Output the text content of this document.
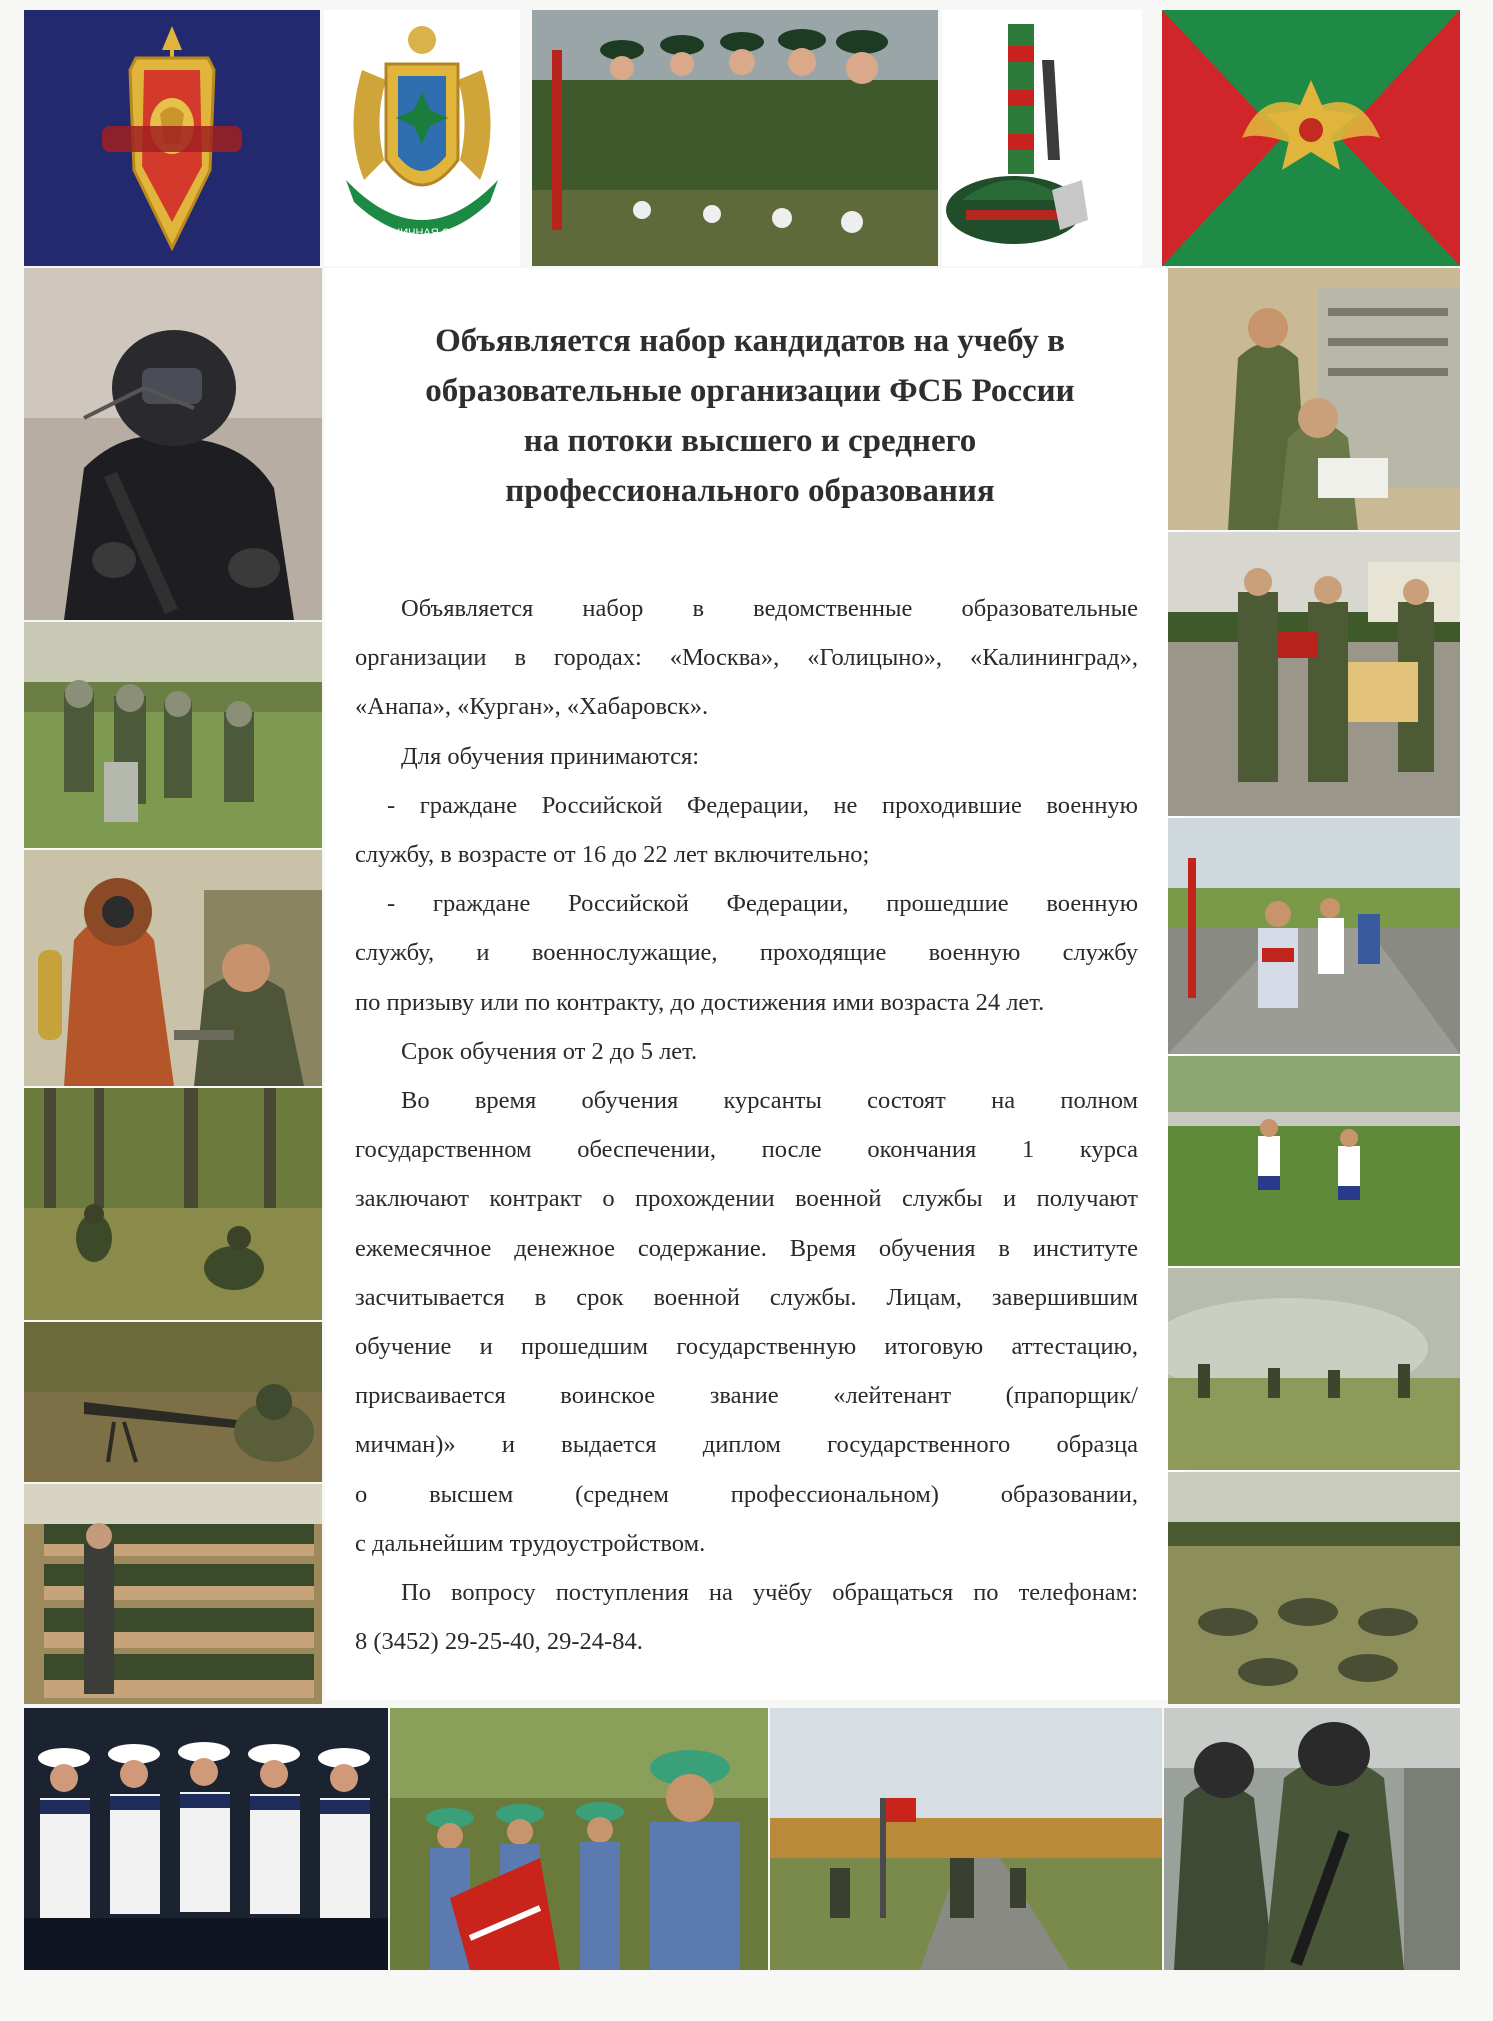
ПОГРАНИЧНАЯ СЛУЖБА
Объявляется набор кандидатов на учебу в
образовательные организации ФСБ России
на потоки высшего и среднего
профессионального образования
Объявляется набор в ведомственные образовательные
организации в городах: «Москва», «Голицыно», «Калининград»,
«Анапа», «Курган», «Хабаровск».
Для обучения принимаются:
- граждане Российской Федерации, не проходившие военную
службу, в возрасте от 16 до 22 лет включительно;
- граждане Российской Федерации, прошедшие военную
службу, и военнослужащие, проходящие военную службу
по призыву или по контракту, до достижения ими возраста 24 лет.
Срок обучения от 2 до 5 лет.
Во время обучения курсанты состоят на полном
государственном обеспечении, после окончания 1 курса
заключают контракт о прохождении военной службы и получают
ежемесячное денежное содержание. Время обучения в институте
засчитывается в срок военной службы. Лицам, завершившим
обучение и прошедшим государственную итоговую аттестацию,
присваивается воинское звание «лейтенант (прапорщик/
мичман)» и выдается диплом государственного образца
о высшем (среднем профессиональном) образовании,
с дальнейшим трудоустройством.
По вопросу поступления на учёбу обращаться по телефонам:
8 (3452) 29-25-40, 29-24-84.
